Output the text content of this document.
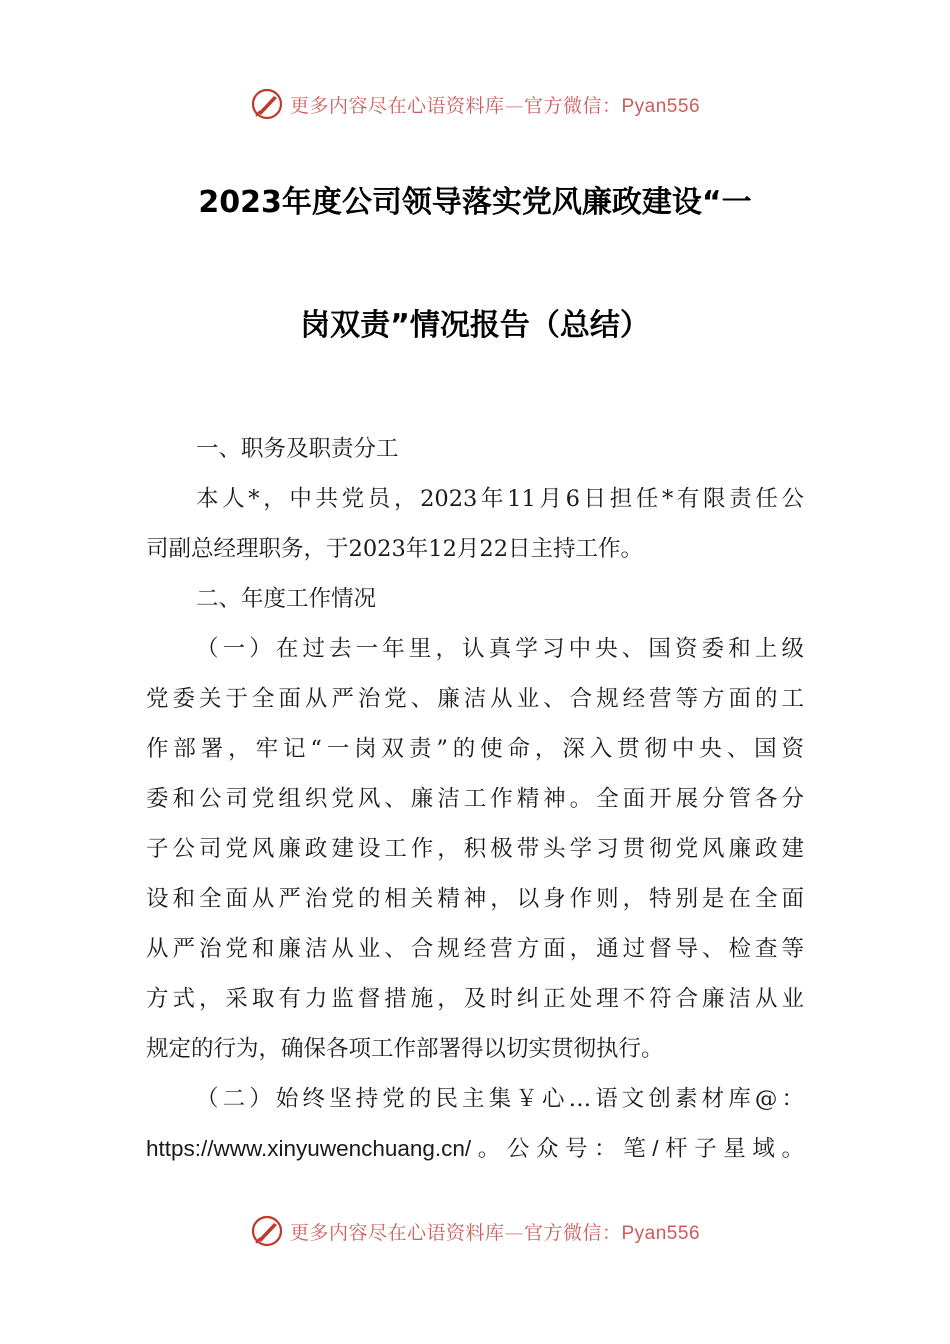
更多内容尽在心语资料库—官方微信：Pyan556
2023年度公司领导落实党风廉政建设“一
岗双责”情况报告（总结）
一、职务及职责分工
本人*，中共党员，2023年11月6日担任*有限责任公
司副总经理职务，于2023年12月22日主持工作。
二、年度工作情况
（一）在过去一年里，认真学习中央、国资委和上级
党委关于全面从严治党、廉洁从业、合规经营等方面的工
作部署，牢记“一岗双责”的使命，深入贯彻中央、国资
委和公司党组织党风、廉洁工作精神。全面开展分管各分
子公司党风廉政建设工作，积极带头学习贯彻党风廉政建
设和全面从严治党的相关精神，以身作则，特别是在全面
从严治党和廉洁从业、合规经营方面，通过督导、检查等
方式，采取有力监督措施，及时纠正处理不符合廉洁从业
规定的行为，确保各项工作部署得以切实贯彻执行。
（二）始终坚持党的民主集￥心…语文创素材库@：
https://www.xinyuwenchuang.cn/。公众号：笔/杆子星域。
更多内容尽在心语资料库—官方微信：Pyan556
